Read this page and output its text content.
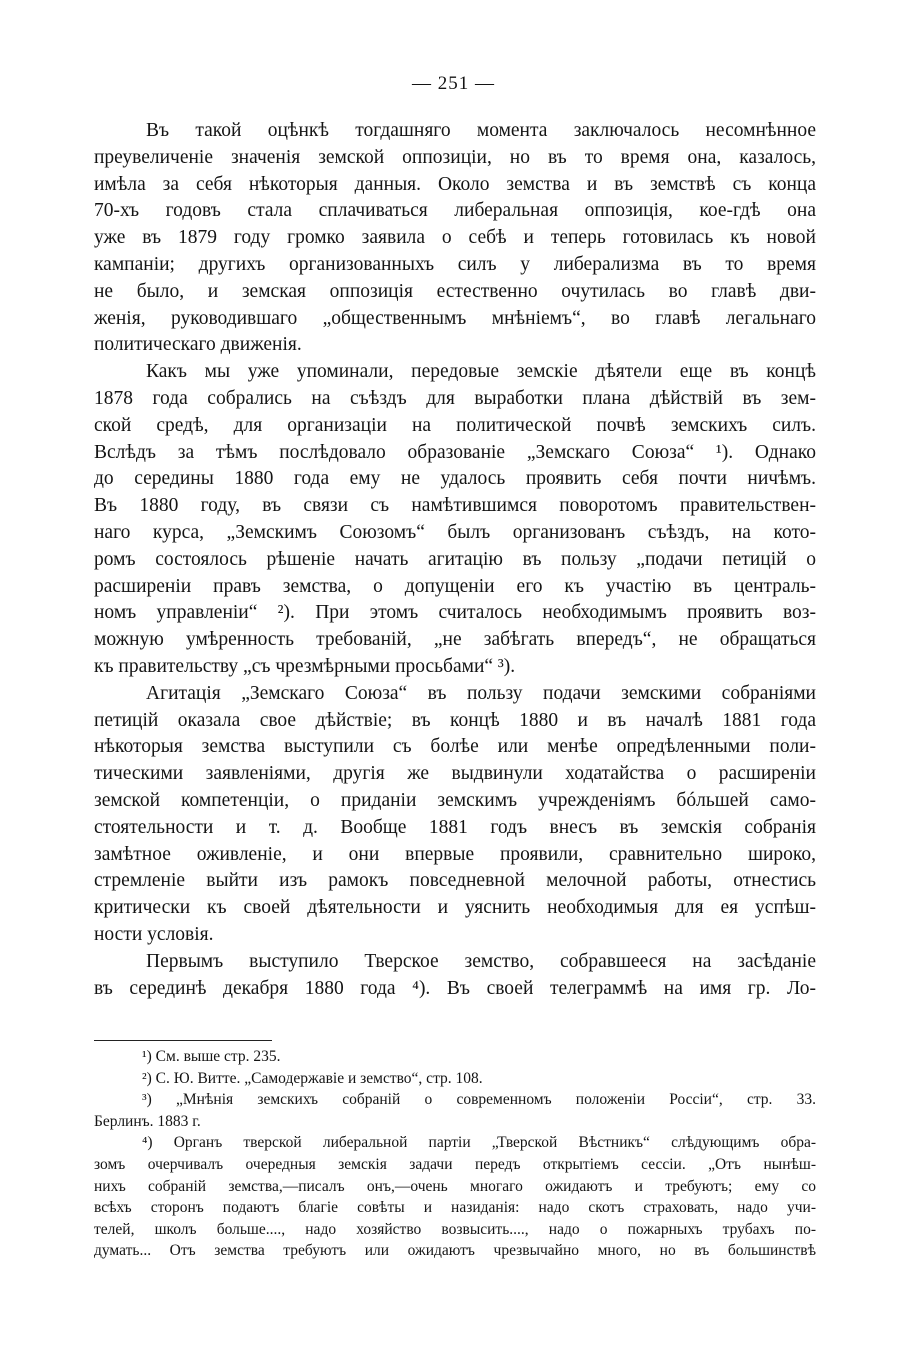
— 251 —
Въ такой оцѣнкѣ тогдашняго момента заключалось несомнѣнное
преувеличеніе значенія земской оппозиціи, но въ то время она, казалось,
имѣла за себя нѣкоторыя данныя. Около земства и въ земствѣ съ конца
70-хъ годовъ стала сплачиваться либеральная оппозиція, кое-гдѣ она
уже въ 1879 году громко заявила о себѣ и теперь готовилась къ новой
кампаніи; другихъ организованныхъ силъ у либерализма въ то время
не было, и земская оппозиція естественно очутилась во главѣ дви-
женія, руководившаго „общественнымъ мнѣніемъ“, во главѣ легальнаго
политическаго движенія.
Какъ мы уже упоминали, передовые земскіе дѣятели еще въ концѣ
1878 года собрались на съѣздъ для выработки плана дѣйствій въ зем-
ской средѣ, для организаціи на политической почвѣ земскихъ силъ.
Вслѣдъ за тѣмъ послѣдовало образованіе „Земскаго Союза“ ¹). Однако
до середины 1880 года ему не удалось проявить себя почти ничѣмъ.
Въ 1880 году, въ связи съ намѣтившимся поворотомъ правительствен-
наго курса, „Земскимъ Союзомъ“ былъ организованъ съѣздъ, на кото-
ромъ состоялось рѣшеніе начать агитацію въ пользу „подачи петицій о
расширеніи правъ земства, о допущеніи его къ участію въ централь-
номъ управленіи“ ²). При этомъ считалось необходимымъ проявить воз-
можную умѣренность требованій, „не забѣгать впередъ“, не обращаться
къ правительству „съ чрезмѣрными просьбами“ ³).
Агитація „Земскаго Союза“ въ пользу подачи земскими собраніями
петицій оказала свое дѣйствіе; въ концѣ 1880 и въ началѣ 1881 года
нѣкоторыя земства выступили съ болѣе или менѣе опредѣленными поли-
тическими заявленіями, другія же выдвинули ходатайства о расширеніи
земской компетенціи, о приданіи земскимъ учрежденіямъ бóльшей само-
стоятельности и т. д. Вообще 1881 годъ внесъ въ земскія собранія
замѣтное оживленіе, и они впервые проявили, сравнительно широко,
стремленіе выйти изъ рамокъ повседневной мелочной работы, отнестись
критически къ своей дѣятельности и уяснить необходимыя для ея успѣш-
ности условія.
Первымъ выступило Тверское земство, собравшееся на засѣданіе
въ серединѣ декабря 1880 года ⁴). Въ своей телеграммѣ на имя гр. Ло-
¹) См. выше стр. 235.
²) С. Ю. Витте. „Самодержавіе и земство“, стр. 108.
³) „Мнѣнія земскихъ собраній о современномъ положеніи Россіи“, стр. 33.
Берлинъ. 1883 г.
⁴) Органъ тверской либеральной партіи „Тверской Вѣстникъ“ слѣдующимъ обра-
зомъ очерчивалъ очередныя земскія задачи передъ открытіемъ сессіи. „Отъ нынѣш-
нихъ собраній земства,—писалъ онъ,—очень многаго ожидаютъ и требуютъ; ему со
всѣхъ сторонъ подаютъ благіе совѣты и назиданія: надо скотъ страховать, надо учи-
телей, школъ больше...., надо хозяйство возвысить...., надо о пожарныхъ трубахъ по-
думать... Отъ земства требуютъ или ожидаютъ чрезвычайно много, но въ большинствѣ
